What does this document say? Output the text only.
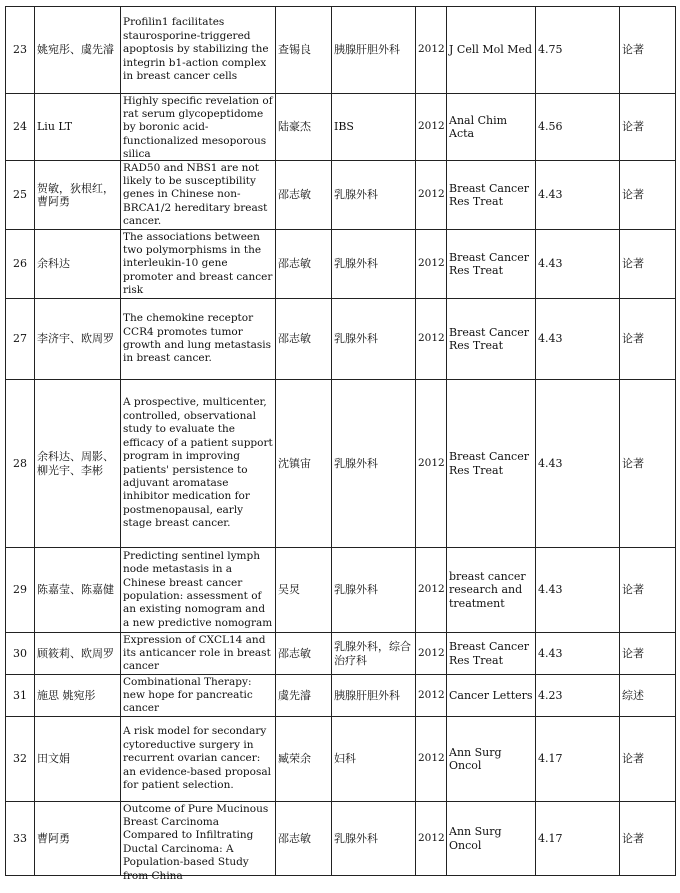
23	姚宛彤、虞先濬	Profilin1 facilitates staurosporine-triggered apoptosis by stabilizing the integrin b1-action complex in breast cancer cells	查锡良	胰腺肝胆外科	2012	J Cell Mol Med	4.75	论著
24	Liu LT	Highly specific revelation of rat serum glycopeptidome by boronic acid-functionalized mesoporous silica	陆豪杰	IBS	2012	Anal Chim Acta	4.56	论著
25	贺敏，狄根红，曹阿勇	RAD50 and NBS1 are not likely to be susceptibility genes in Chinese non-BRCA1/2 hereditary breast cancer.	邵志敏	乳腺外科	2012	Breast Cancer Res Treat	4.43	论著
26	余科达	The associations between two polymorphisms in the interleukin-10 gene promoter and breast cancer risk	邵志敏	乳腺外科	2012	Breast Cancer Res Treat	4.43	论著
27	李济宇、欧周罗	The chemokine receptor CCR4 promotes tumor growth and lung metastasis in breast cancer.	邵志敏	乳腺外科	2012	Breast Cancer Res Treat	4.43	论著
28	余科达、周影、柳光宇、李彬	A prospective, multicenter, controlled, observational study to evaluate the efficacy of a patient support program in improving patients' persistence to adjuvant aromatase inhibitor medication for postmenopausal, early stage breast cancer.	沈镇宙	乳腺外科	2012	Breast Cancer Res Treat	4.43	论著
29	陈嘉莹、陈嘉健	Predicting sentinel lymph node metastasis in a Chinese breast cancer population: assessment of an existing nomogram and a new predictive nomogram	吴炅	乳腺外科	2012	breast cancer research and treatment	4.43	论著
30	顾筱莉、欧周罗	Expression of CXCL14 and its anticancer role in breast cancer	邵志敏	乳腺外科，综合治疗科	2012	Breast Cancer Res Treat	4.43	论著
31	施思 姚宛彤	Combinational Therapy: new hope for pancreatic cancer	虞先濬	胰腺肝胆外科	2012	Cancer Letters	4.23	综述
32	田文娟	A risk model for secondary cytoreductive surgery in recurrent ovarian cancer: an evidence-based proposal for patient selection.	臧荣余	妇科	2012	Ann Surg Oncol	4.17	论著
33	曹阿勇	Outcome of Pure Mucinous Breast Carcinoma Compared to Infiltrating Ductal Carcinoma: A Population-based Study from China	邵志敏	乳腺外科	2012	Ann Surg Oncol	4.17	论著
